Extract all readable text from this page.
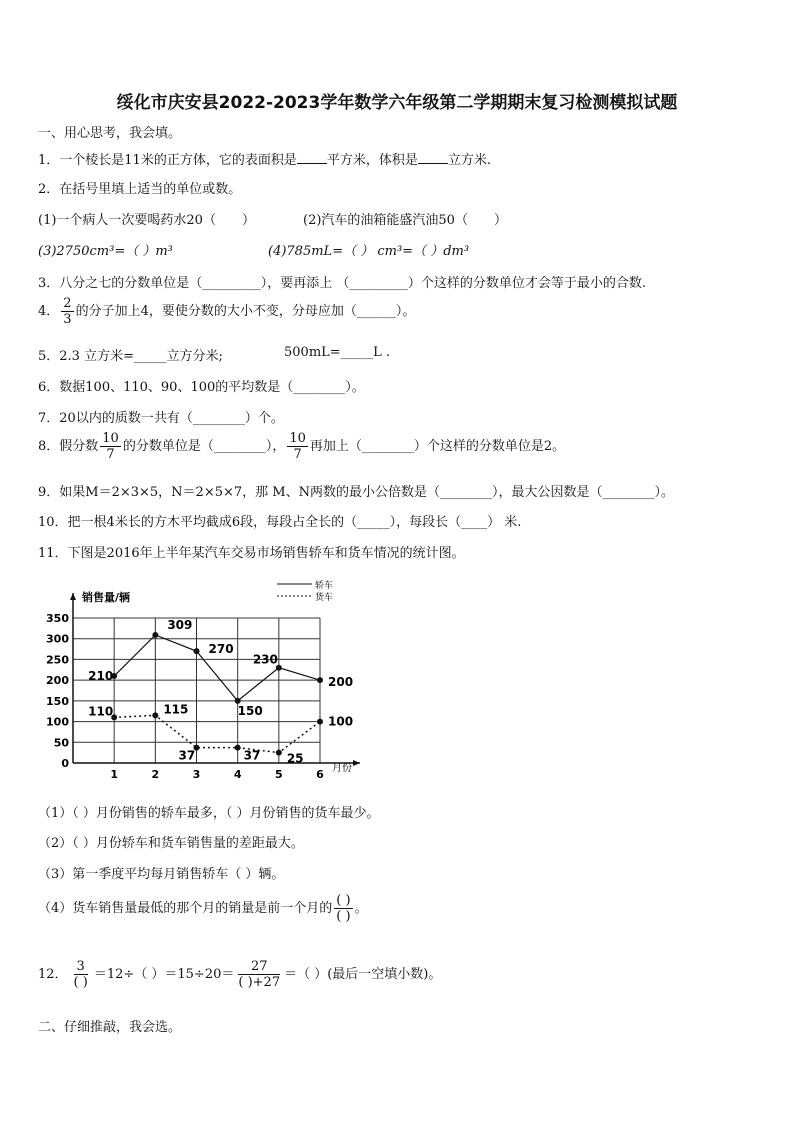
绥化市庆安县2022-2023学年数学六年级第二学期期末复习检测模拟试题
一、用心思考，我会填。
1．一个棱长是11米的正方体，它的表面积是 平方米，体积是 立方米.
2．在括号里填上适当的单位或数。
(1)一个病人一次要喝药水20（ ）	(2)汽车的油箱能盛汽油50（ ）
(3)2750cm³=（ ）m³	(4)785mL=（ ） cm³=（ ）dm³
3．八分之七的分数单位是（_________），要再添上 （_________）个这样的分数单位才会等于最小的合数.
4． $\frac{2}{3}$ 的分子加上4，要使分数的大小不变，分母应加（______）。
5．2.3 立方米=_____立方分米;	500mL=_____L .
6．数据100、110、90、100的平均数是（________）。
7．20以内的质数一共有（________）个。
8．假分数 $\frac{10}{7}$ 的分数单位是（________）， $\frac{10}{7}$ 再加上（________）个这样的分数单位是2。
9．如果M＝2×3×5，N＝2×5×7，那 M、N两数的最小公倍数是（________），最大公因数是（________）。
10．把一根4米长的方木平均截成6段，每段占全长的（_____），每段长（____） 米.
11．下图是2016年上半年某汽车交易市场销售轿车和货车情况的统计图。
0
50
100
150
200
250
300
350
1	2	3	4	5	6
210
309
270
150
230
200
110	115
37	37 25
100
轿车
货车
销售量/辆
月份
（1）（ ）月份销售的轿车最多，（ ）月份销售的货车最少。
（2）（ ）月份轿车和货车销售量的差距最大。
（3）第一季度平均每月销售轿车（ ）辆。
（4）货车销售量最低的那个月的销量是前一个月的 $\frac{( )}{( )}$ 。
12． $\frac{3}{( )} =12\div$（ ）$=15\div 20= \frac{27}{( )+27}$ ＝（ ）(最后一空填小数)。
二、仔细推敲，我会选。
